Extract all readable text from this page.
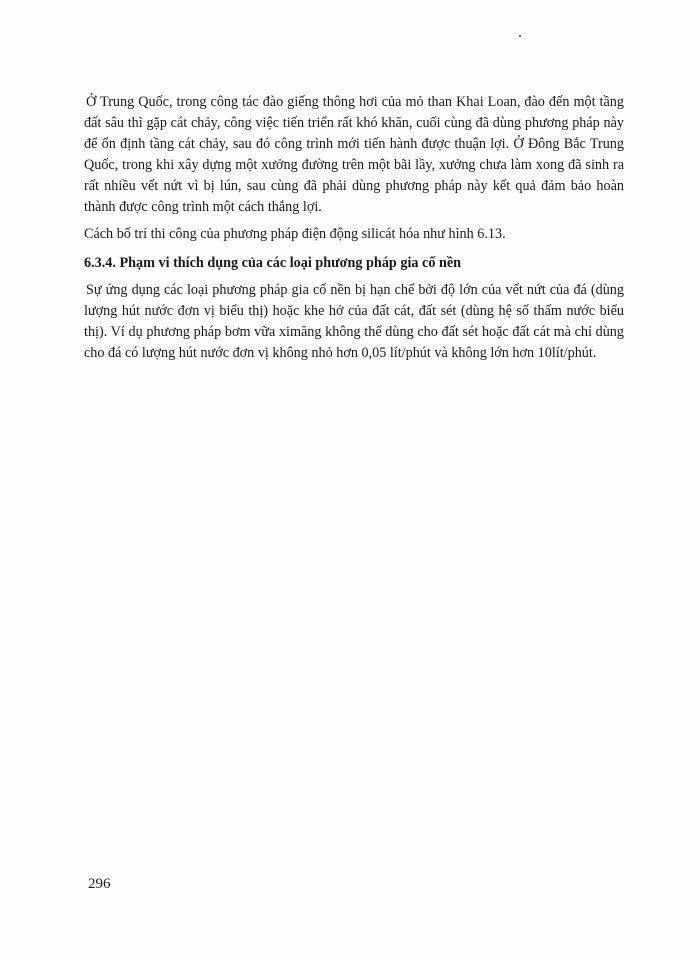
Ở Trung Quốc, trong công tác đào giếng thông hơi của mỏ than Khai Loan, đào đến một tầng đất sâu thì gặp cát chảy, công việc tiến triển rất khó khăn, cuối cùng đã dùng phương pháp này để ổn định tầng cát chảy, sau đó công trình mới tiến hành được thuận lợi. Ở Đông Bắc Trung Quốc, trong khi xây dựng một xưởng đường trên một bãi lầy, xưởng chưa làm xong đã sinh ra rất nhiều vết nứt vì bị lún, sau cùng đã phải dùng phương pháp này kết quả đảm bảo hoàn thành được công trình một cách thắng lợi.

Cách bố trí thi công của phương pháp điện động silicát hóa như hình 6.13.

6.3.4. Phạm vi thích dụng của các loại phương pháp gia cố nền

Sự ứng dụng các loại phương pháp gia cố nền bị hạn chế bởi độ lớn của vết nứt của đá (dùng lượng hút nước đơn vị biểu thị) hoặc khe hở của đất cát, đất sét (dùng hệ số thấm nước biểu thị). Ví dụ phương pháp bơm vữa ximăng không thể dùng cho đất sét hoặc đất cát mà chỉ dùng cho đá có lượng hút nước đơn vị không nhỏ hơn 0,05 lít/phút và không lớn hơn 10lít/phút.

296
